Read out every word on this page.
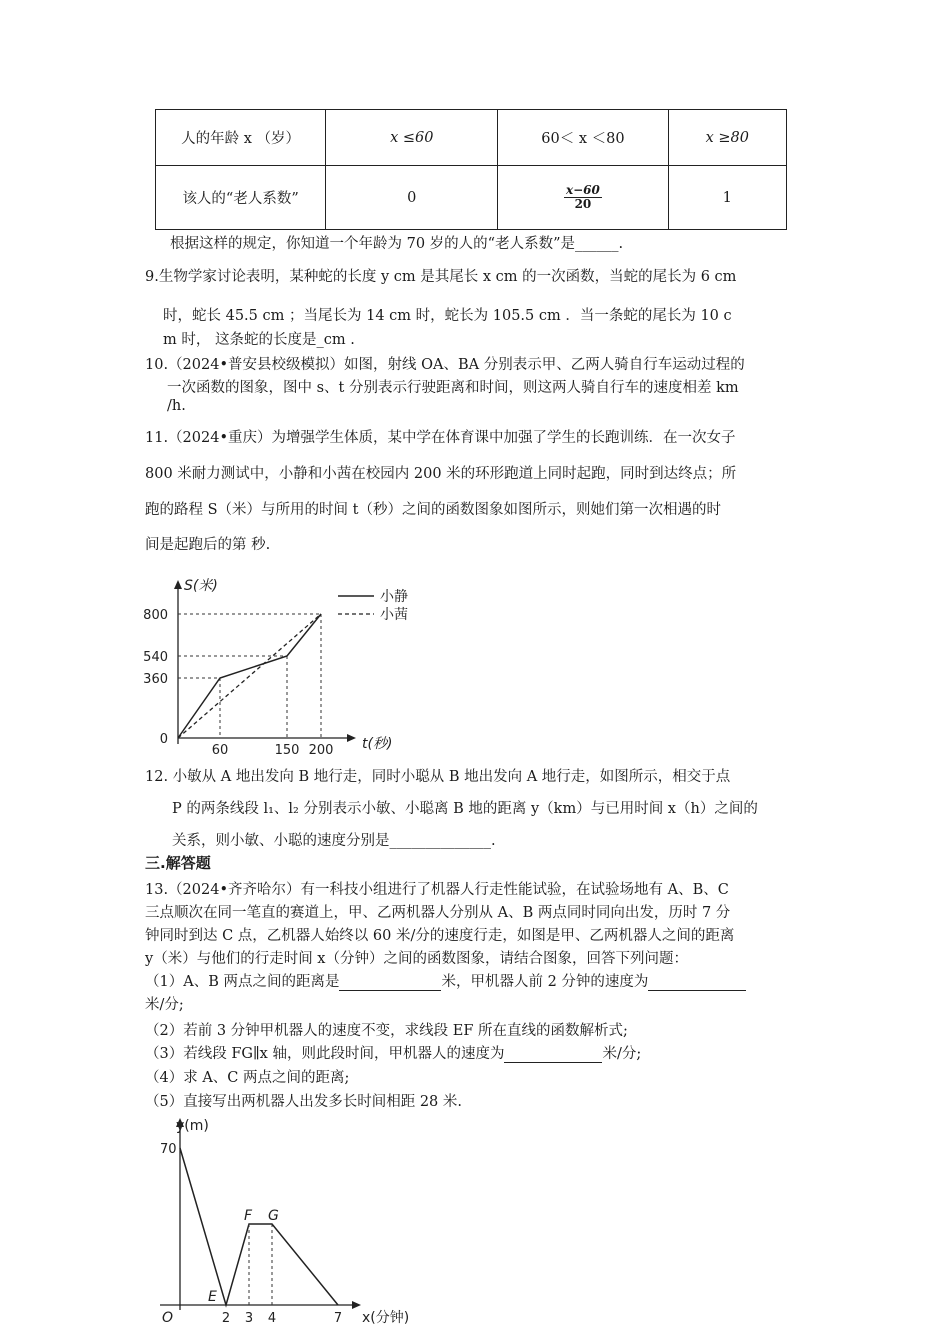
人的年龄 x （岁）	x ≤60	60＜ x ＜80	x ≥80
该人的“老人系数”	0	$\frac{x-60}{20}$	1
根据这样的规定，你知道一个年龄为 70 岁的人的“老人系数”是______.
9.生物学家讨论表明，某种蛇的长度 y cm 是其尾长 x cm 的一次函数，当蛇的尾长为 6 cm
时，蛇长 45.5 cm ；当尾长为 14 cm 时，蛇长为 105.5 cm ．当一条蛇的尾长为 10 c
m 时， 这条蛇的长度是_cm .
10.（2024•普安县校级模拟）如图，射线 OA、BA 分别表示甲、乙两人骑自行车运动过程的
一次函数的图象，图中 s、t 分别表示行驶距离和时间，则这两人骑自行车的速度相差 km
/h.
11.（2024•重庆）为增强学生体质，某中学在体育课中加强了学生的长跑训练．在一次女子
800 米耐力测试中，小静和小茜在校园内 200 米的环形跑道上同时起跑，同时到达终点；所
跑的路程 S（米）与所用的时间 t（秒）之间的函数图象如图所示，则她们第一次相遇的时
间是起跑后的第 秒.
S(米)
t(秒)
0
800
540
360
60	150 200
小静
小茜
12. 小敏从 A 地出发向 B 地行走，同时小聪从 B 地出发向 A 地行走，如图所示，相交于点
P 的两条线段 l₁、l₂ 分别表示小敏、小聪离 B 地的距离 y（km）与已用时间 x（h）之间的
关系，则小敏、小聪的速度分别是______________.
三.解答题
13.（2024•齐齐哈尔）有一科技小组进行了机器人行走性能试验，在试验场地有 A、B、C
三点顺次在同一笔直的赛道上，甲、乙两机器人分别从 A、B 两点同时同向出发，历时 7 分
钟同时到达 C 点，乙机器人始终以 60 米/分的速度行走，如图是甲、乙两机器人之间的距离
y（米）与他们的行走时间 x（分钟）之间的函数图象，请结合图象，回答下列问题：
（1）A、B 两点之间的距离是	米，甲机器人前 2 分钟的速度为
米/分;
（2）若前 3 分钟甲机器人的速度不变，求线段 EF 所在直线的函数解析式;
（3）若线段 FG∥x 轴，则此段时间，甲机器人的速度为	米/分;
（4）求 A、C 两点之间的距离;
（5）直接写出两机器人出发多长时间相距 28 米.
y(m)
x(分钟)
O
70
2 3 4	7
E
F G
